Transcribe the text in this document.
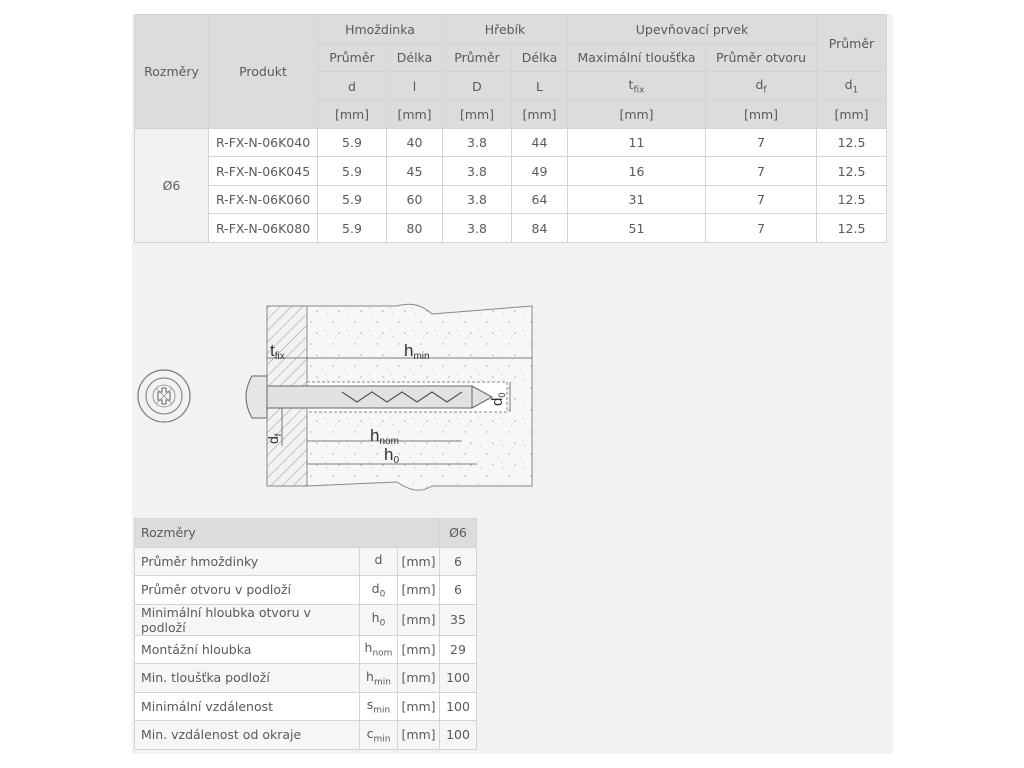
Rozměry	Produkt	Hmoždinka		Hřebík		Upevňovací prvek		Průměr
		Průměr	Délka	Průměr	Délka	Maximální tloušťka	Průměr otvoru	
		d	l	D	L	$t_{fix}$	$d_f$	$d_1$
		[mm]	[mm]	[mm]	[mm]	[mm]	[mm]	[mm]
Ø6	R-FX-N-06K040	5.9	40	3.8	44	11	7	12.5
	R-FX-N-06K045	5.9	45	3.8	49	16	7	12.5
	R-FX-N-06K060	5.9	60	3.8	64	31	7	12.5
	R-FX-N-06K080	5.9	80	3.8	84	51	7	12.5
tfix	hmin
hnom
h0
$d_0$
$d_f$
Rozměry			Ø6
Průměr hmoždinky	d	[mm]	6
Průměr otvoru v podloží	$d_0$	[mm]	6
Minimální hloubka otvoru v podloží	$h_0$	[mm]	35
Montážní hloubka	$h_{nom}$	[mm]	29
Min. tloušťka podloží	$h_{min}$	[mm]	100
Minimální vzdálenost	$s_{min}$	[mm]	100
Min. vzdálenost od okraje	$c_{min}$	[mm]	100
